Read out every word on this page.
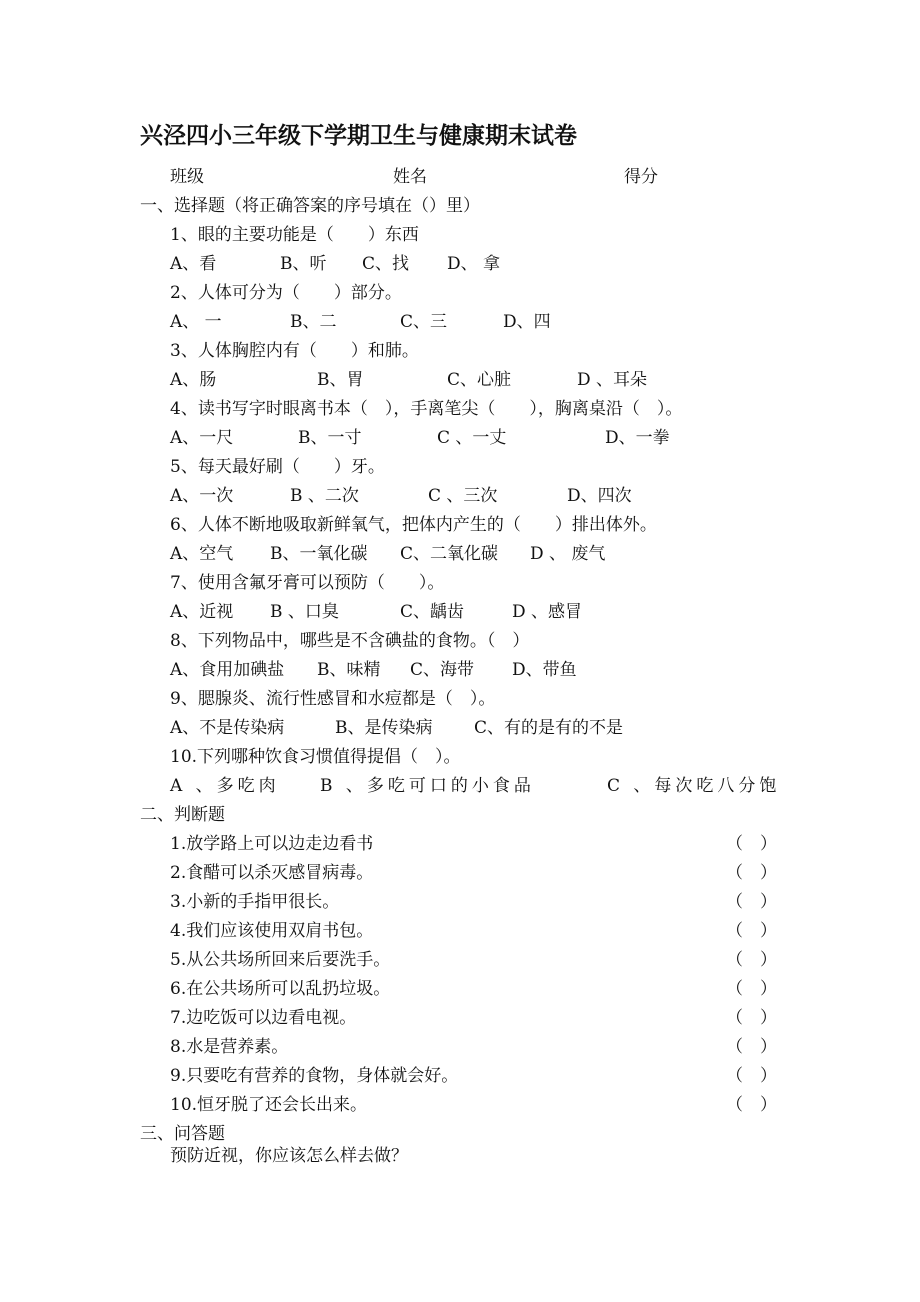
兴泾四小三年级下学期卫生与健康期末试卷
班级	姓名	得分
一、选择题（将正确答案的序号填在（）里）
1、眼的主要功能是（　　）东西
A、看	B、听 C、找 D、 拿
2、人体可分为（　　）部分。
A、 一	B、二	C、三	D、四
3、人体胸腔内有（　　）和肺。
A、肠	B、胃	C、心脏	D 、耳朵
4、读书写字时眼离书本（　），手离笔尖（　　），胸离桌沿（　）。
A、一尺	B、一寸	C 、一丈	D、一拳
5、每天最好刷（　　）牙。
A、一次	B 、二次	C 、三次	D、四次
6、人体不断地吸取新鲜氧气，把体内产生的（　　）排出体外。
A、空气 B、一氧化碳 C、二氧化碳 D 、 废气
7、使用含氟牙膏可以预防（　　）。
A、近视 B 、口臭	C、龋齿	D 、感冒
8、下列物品中，哪些是不含碘盐的食物。（　）
A、食用加碘盐 B、味精 C、海带 D、带鱼
9、腮腺炎、流行性感冒和水痘都是（　）。
A、不是传染病	B、是传染病 C、有的是有的不是
10.下列哪种饮食习惯值得提倡（　）。
A 、多吃肉 B 、多吃可口的小食品	C 、每次吃八分饱
二、判断题
1.放学路上可以边走边看书	（　）
2.食醋可以杀灭感冒病毒。	（　）
3.小新的手指甲很长。	（　）
4.我们应该使用双肩书包。	（　）
5.从公共场所回来后要洗手。	（　）
6.在公共场所可以乱扔垃圾。	（　）
7.边吃饭可以边看电视。	（　）
8.水是营养素。	（　）
9.只要吃有营养的食物，身体就会好。	（　）
10.恒牙脱了还会长出来。	（　）
三、问答题
预防近视，你应该怎么样去做？
